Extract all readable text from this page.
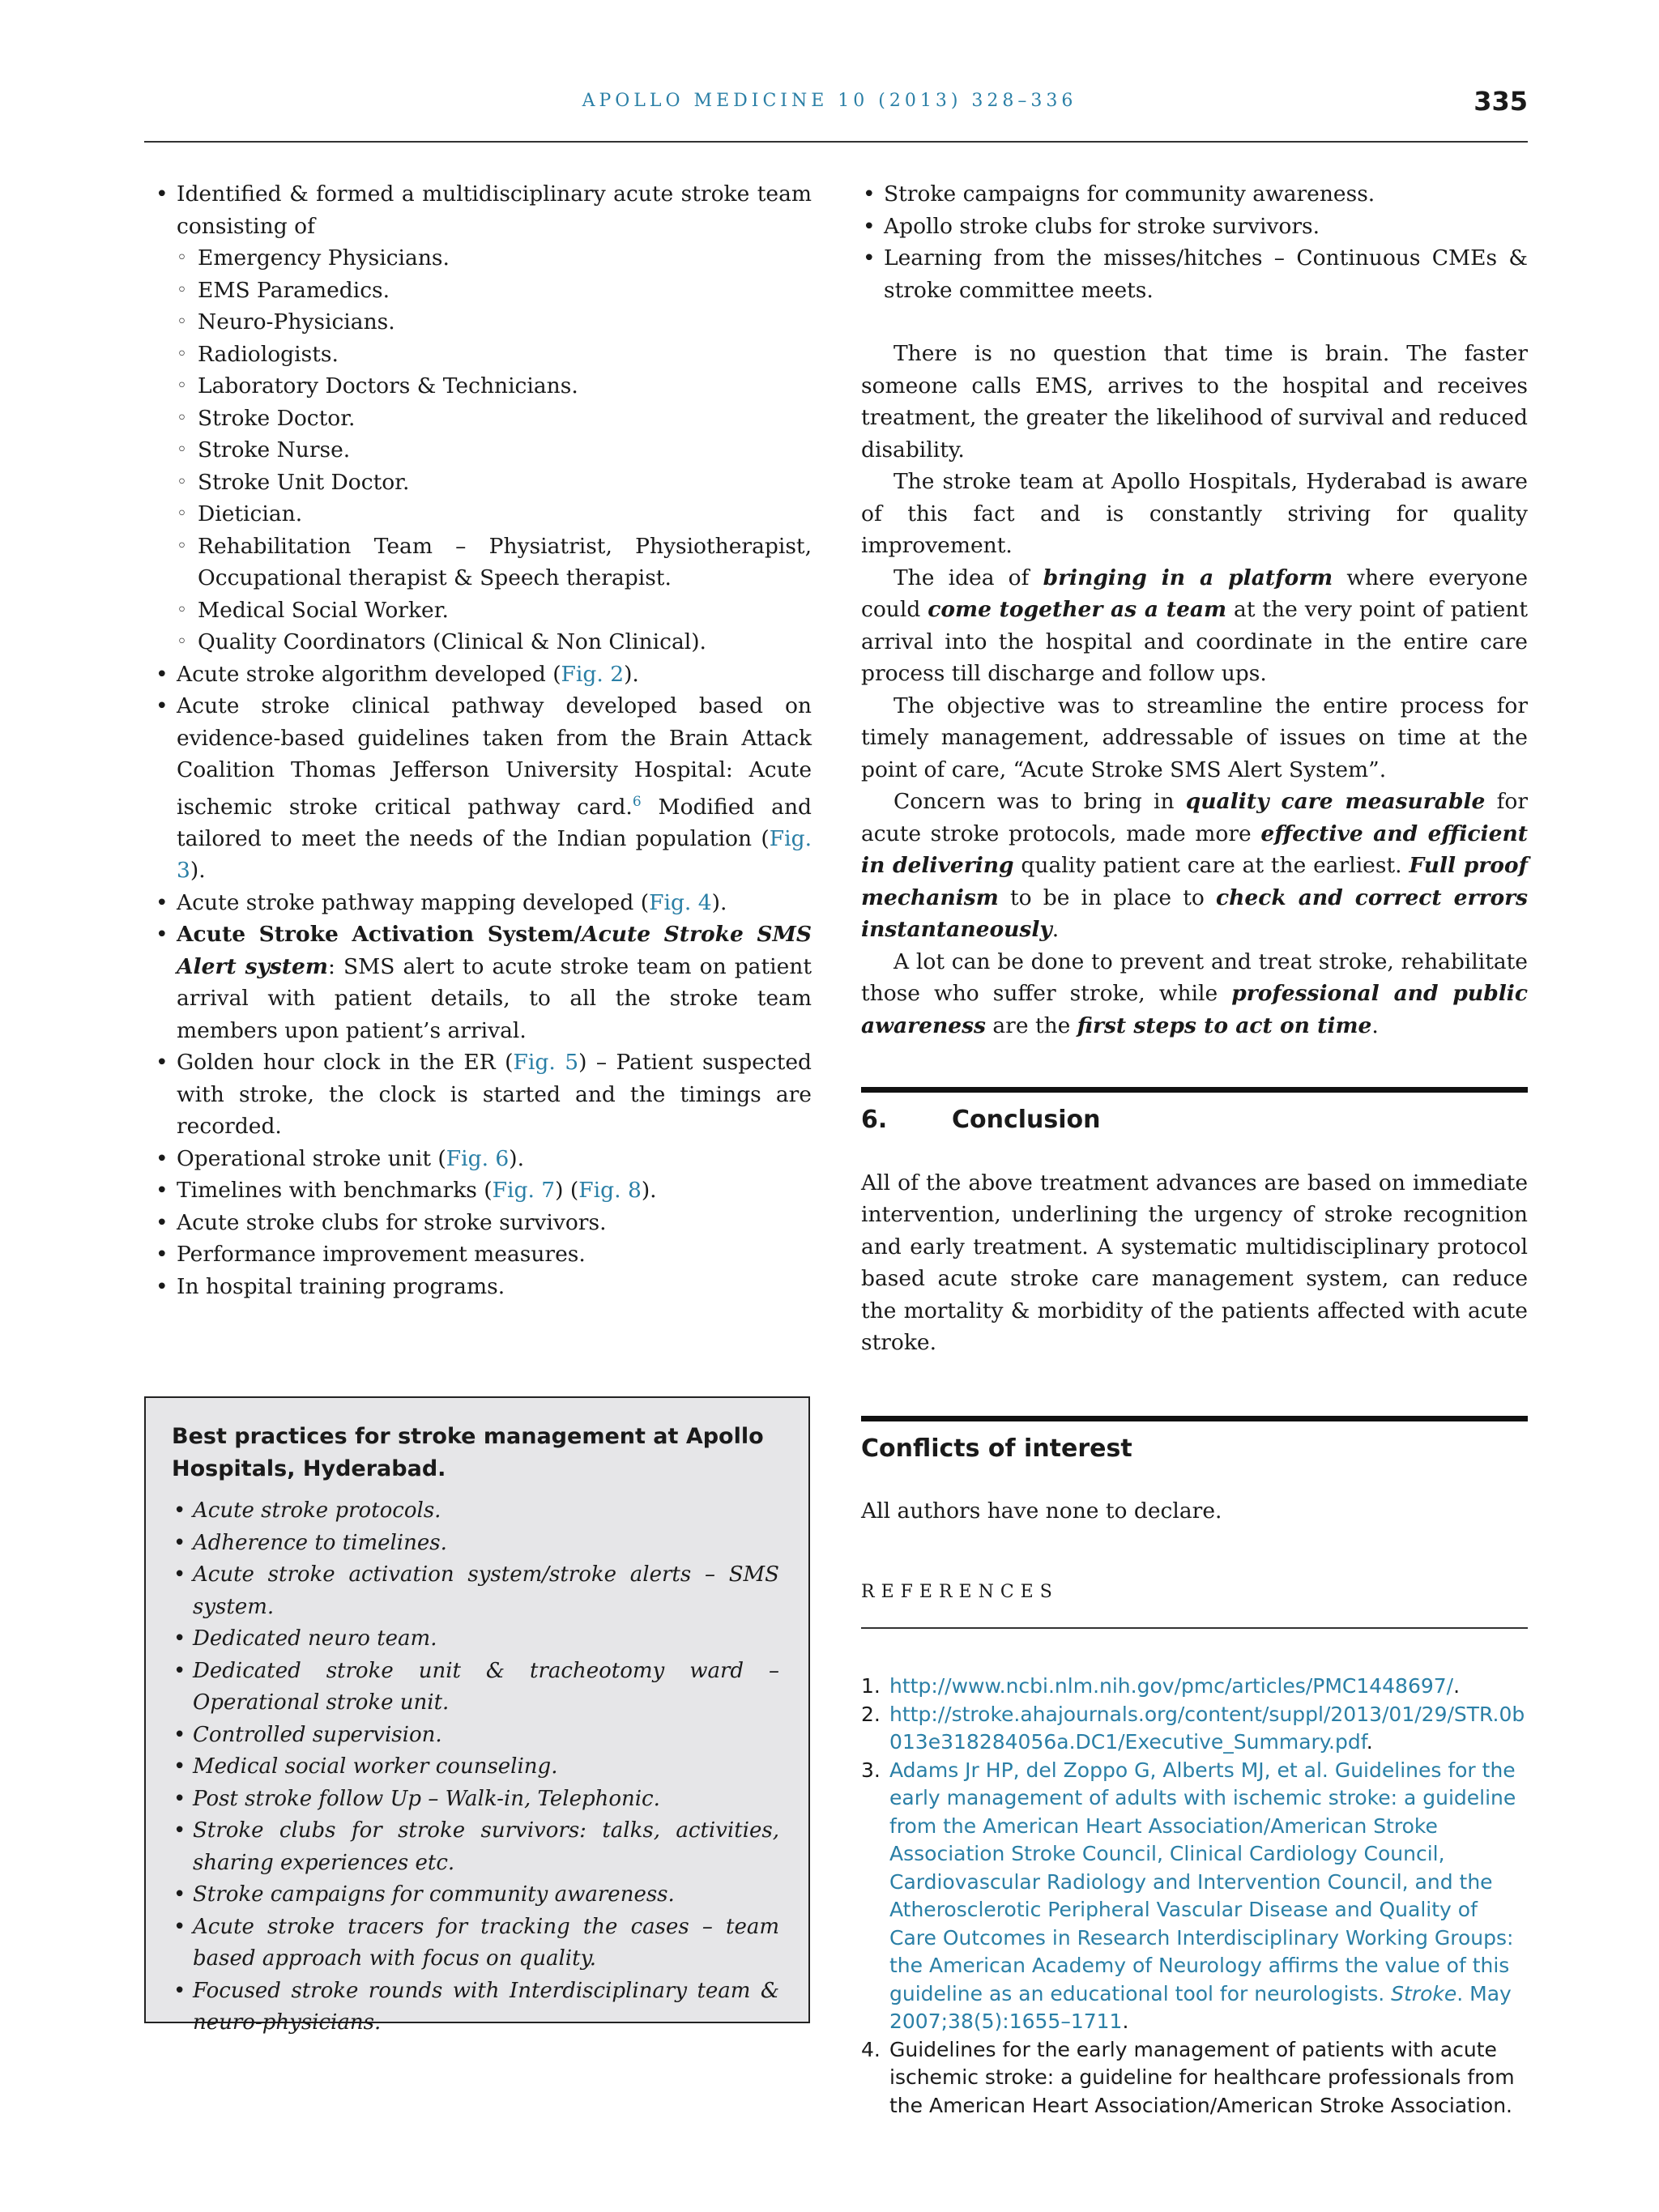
APOLLO MEDICINE 10 (2013) 328–336	335
• Identified & formed a multidisciplinary acute stroke team consisting of
◦ Emergency Physicians.
◦ EMS Paramedics.
◦ Neuro-Physicians.
◦ Radiologists.
◦ Laboratory Doctors & Technicians.
◦ Stroke Doctor.
◦ Stroke Nurse.
◦ Stroke Unit Doctor.
◦ Dietician.
◦ Rehabilitation Team – Physiatrist, Physiotherapist, Occupational therapist & Speech therapist.
◦ Medical Social Worker.
◦ Quality Coordinators (Clinical & Non Clinical).
• Acute stroke algorithm developed (Fig. 2).
• Acute stroke clinical pathway developed based on evidence-based guidelines taken from the Brain Attack Coalition Thomas Jefferson University Hospital: Acute ischemic stroke critical pathway card.$^6$ Modified and tailored to meet the needs of the Indian population (Fig. 3).
• Acute stroke pathway mapping developed (Fig. 4).
• Acute Stroke Activation System/Acute Stroke SMS Alert system: SMS alert to acute stroke team on patient arrival with patient details, to all the stroke team members upon patient’s arrival.
• Golden hour clock in the ER (Fig. 5) – Patient suspected with stroke, the clock is started and the timings are recorded.
• Operational stroke unit (Fig. 6).
• Timelines with benchmarks (Fig. 7) (Fig. 8).
• Acute stroke clubs for stroke survivors.
• Performance improvement measures.
• In hospital training programs.
Best practices for stroke management at Apollo Hospitals, Hyderabad.
• Acute stroke protocols.
• Adherence to timelines.
• Acute stroke activation system/stroke alerts – SMS system.
• Dedicated neuro team.
• Dedicated stroke unit & tracheotomy ward – Operational stroke unit.
• Controlled supervision.
• Medical social worker counseling.
• Post stroke follow Up – Walk-in, Telephonic.
• Stroke clubs for stroke survivors: talks, activities, sharing experiences etc.
• Stroke campaigns for community awareness.
• Acute stroke tracers for tracking the cases – team based approach with focus on quality.
• Focused stroke rounds with Interdisciplinary team & neuro-physicians.
• Stroke campaigns for community awareness.
• Apollo stroke clubs for stroke survivors.
• Learning from the misses/hitches – Continuous CMEs & stroke committee meets.

There is no question that time is brain. The faster someone calls EMS, arrives to the hospital and receives treatment, the greater the likelihood of survival and reduced disability.

The stroke team at Apollo Hospitals, Hyderabad is aware of this fact and is constantly striving for quality improvement.

The idea of bringing in a platform where everyone could come together as a team at the very point of patient arrival into the hospital and coordinate in the entire care process till discharge and follow ups.

The objective was to streamline the entire process for timely management, addressable of issues on time at the point of care, “Acute Stroke SMS Alert System”.

Concern was to bring in quality care measurable for acute stroke protocols, made more effective and efficient in delivering quality patient care at the earliest. Full proof mechanism to be in place to check and correct errors instantaneously.

A lot can be done to prevent and treat stroke, rehabilitate those who suffer stroke, while professional and public awareness are the first steps to act on time.

6.	Conclusion

All of the above treatment advances are based on immediate intervention, underlining the urgency of stroke recognition and early treatment. A systematic multidisciplinary protocol based acute stroke care management system, can reduce the mortality & morbidity of the patients affected with acute stroke.

Conflicts of interest

All authors have none to declare.

REFERENCES
1. http://www.ncbi.nlm.nih.gov/pmc/articles/PMC1448697/.
2. http://stroke.ahajournals.org/content/suppl/2013/01/29/STR.0b013e318284056a.DC1/Executive_Summary.pdf.
3. Adams Jr HP, del Zoppo G, Alberts MJ, et al. Guidelines for the early management of adults with ischemic stroke: a guideline from the American Heart Association/American Stroke Association Stroke Council, Clinical Cardiology Council, Cardiovascular Radiology and Intervention Council, and the Atherosclerotic Peripheral Vascular Disease and Quality of Care Outcomes in Research Interdisciplinary Working Groups: the American Academy of Neurology affirms the value of this guideline as an educational tool for neurologists. Stroke. May 2007;38(5):1655–1711.
4. Guidelines for the early management of patients with acute ischemic stroke: a guideline for healthcare professionals from the American Heart Association/American Stroke Association.
